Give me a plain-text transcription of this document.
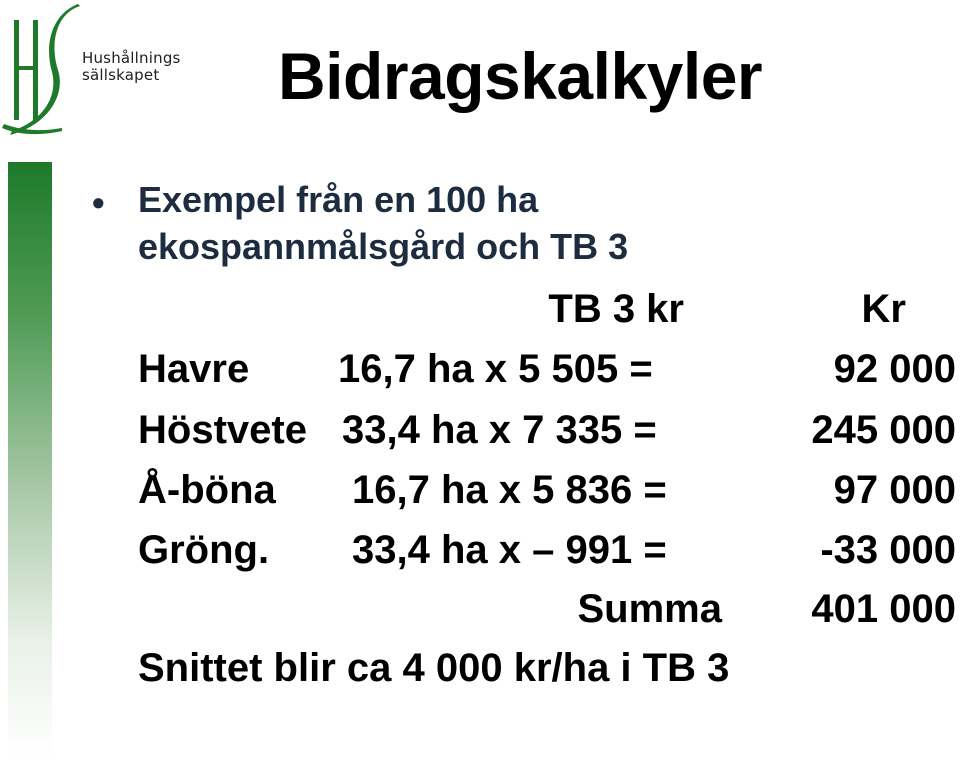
Hushållnings
sällskapet	Bidragskalkyler
• Exempel från en 100 ha
ekospannmålsgård och TB 3
TB 3 kr	Kr
Havre 16,7 ha x 5 505 =	92 000
Höstvete 33,4 ha x 7 335 =	245 000
Å-böna 16,7 ha x 5 836 =	97 000
Gröng. 33,4 ha x – 991 =	-33 000
Summa	401 000
Snittet blir ca 4 000 kr/ha i TB 3
